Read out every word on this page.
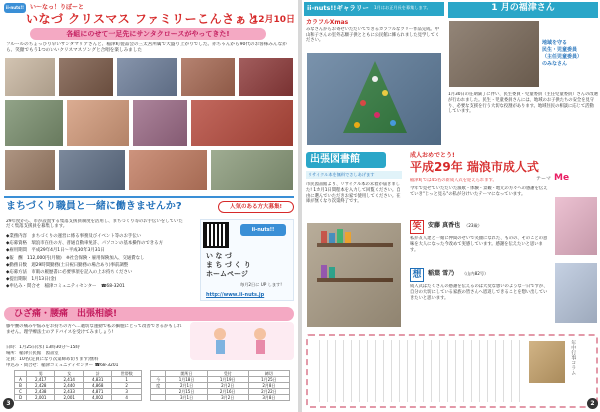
ii-nuts!! い〜なっ！りぼーと
いなづ クリスマス ファミリーこんさぁと
12月10日
各組にのせて一足先にサンタクロースがやってきた!
フルールのちょっぴり早いサンタマリアさんと、稲津町製品会の三太宮所属で大盛り上がりでした。赤ちゃんから90代のお客様みんながら、笑顔でもう1つのいいクリスマスソングと合唱を楽しみました
まちづくり職員と一緒に働きませんか?	人気のある方大募集!
29年度から、市が設置する集落支援員制度を活用し、まちづくり等のお手伝いをしていただく集落支援員を募集します。
◆業務内容　まちづくりの運営に係る事務及びイベント等のお手伝い
◆応募資格　瑞浪市在住の方、普通自動車免許、パソコンの基本操作のできる方
◆雇用期間　平成29年4月1日〜平成30年3月31日
◆報　酬　112,000円(月額)　※社会保険・雇用保険加入、交通費なし
◆勤務日数　週29時間勤務(土日祝日勤務の場合あり)事前調整
◆応募方法　市販の履歴書に必要事項を記入の上お持ちください
◆提出期限　1月13日(金)
◆申込み・問合せ　稲津コミュニティセンター　☎68-3201
ii-nuts!!
い な づ
ま ち づ く り
ホームページ
毎月2日に UP します!
http://www.ii-nuts.jp
ひざ痛・腰痛　出張相談!
膝や腰の痛みや悩みをお持ちの方へ…適切な運動で私の細胞にとって改善できるかもしれません。理学療法士のアドバイスを受けてみましょう!
日時：1月25日(水) 13時30分〜15時
場所：稲津公民館　図書室
定員：10名(定員になり次第締め切ります)無料
申込み・問合せ：稲津コミュニティセンター ☎68-3201
	男	女	計	世帯数
A	2,417	2,414	4,831	1
B	2,428	2,440	4,868	2
C	2,438	2,433	4,871	3
D	2,001	2,001	4,002	4
	開所日	受付	締切
今	1月18日	1月19日	1月25日
度	2月1日	2月2日	2月8日
	2月15日	2月16日	2月22日
	3月1日	3月2日	3月8日
3
ii-nuts!!ギャラリー 1月はお正月長を募集します。
カラフルXmas
みなさんからお寄せいただいてできるカラフルなツリー作品完成。中山和子さんの室外志願子供とともに公民館に飾られました見学してください。
1 月の福津さん
地域を守る
民生・児童委員
（主任児童委員）
のみなさん
1月30日の任期満了に伴い、民生委員・児童委員（主任児童委員）さんの改選が行われました。民生・児童委員さんには、地域のお子供たちの安全を見守り、必要な支援を行う大切な役割があります。地域住民の相談に応じて活動しています。
出張図書館
リサイクル本を無料でさしあげます
市民図書館より、リサイクル本の未着が届きました! 1カ月1日間程本を入力して回覧ください。自由に選んでいただきお家で使用してください。在庫が無くなり次第終了です。
成人おめでとう!
平成29年 瑞浪市成人式
稲津町では45名の新成人式を迎えられます。	テーマ Me
今年で見せていただいた演歌・体験・景観・地元の方々への感謝を伝えていき"じっと見る"の私が分けいたテーマになっています。
笑	安藤 真香也 （23歳）
私が友人達と一緒に仲間のせいで笑顔になれた、ものの、そのことの意味を大人になった今改めて実感しています。感謝を伝えたいと思います。
想	稲葉 雪乃 （山内82号）
成人式はたくさんの感謝を伝えるのは大変な想いのような一日ですが、自分の大切にしている家族の皆さんへ恩返しできることを想い出していきたいと思います。
年中行事コラム
2
